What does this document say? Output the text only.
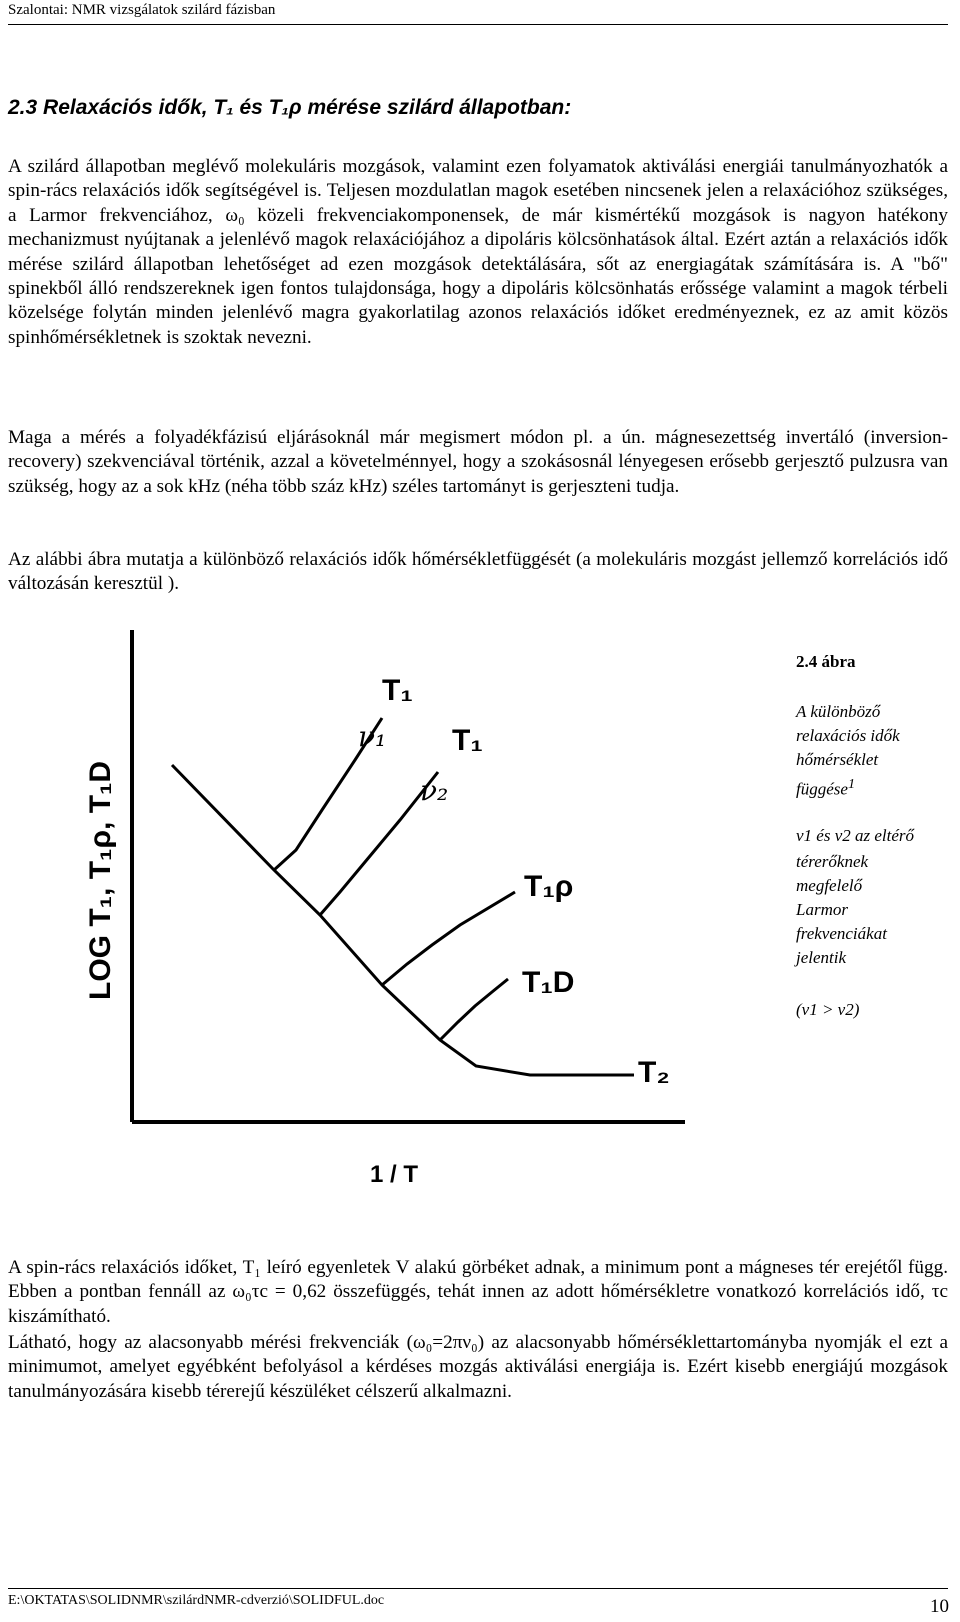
Szalontai: NMR vizsgálatok szilárd fázisban
2.3 Relaxációs idők, T₁ és T₁ρ mérése szilárd állapotban:
A szilárd állapotban meglévő molekuláris mozgások, valamint ezen folyamatok aktiválási energiái tanulmányozhatók a spin-rács relaxációs idők segítségével is. Teljesen mozdulatlan magok esetében nincsenek jelen a relaxációhoz szükséges, a Larmor frekvenciához, ω₀ közeli frekvenciakomponensek, de már kismértékű mozgások is nagyon hatékony mechanizmust nyújtanak a jelenlévő magok relaxációjához a dipoláris kölcsönhatások által. Ezért aztán a relaxációs idők mérése szilárd állapotban lehetőséget ad ezen mozgások detektálására, sőt az energiagátak számítására is. A "bő" spinekből álló rendszereknek igen fontos tulajdonsága, hogy a dipoláris kölcsönhatás erőssége valamint a magok térbeli közelsége folytán minden jelenlévő magra gyakorlatilag azonos relaxációs időket eredményeznek, ez az amit közös spinhőmérsékletnek is szoktak nevezni.
Maga a mérés a folyadékfázisú eljárásoknál már megismert módon pl. a ún. mágnesezettség invertáló (inversion-recovery) szekvenciával történik, azzal a követelménnyel, hogy a szokásosnál lényegesen erősebb gerjesztő pulzusra van szükség, hogy az a sok kHz (néha több száz kHz) széles tartományt is gerjeszteni tudja.
Az alábbi ábra mutatja a különböző relaxációs idők hőmérsékletfüggését (a molekuláris mozgást jellemző korrelációs idő változásán keresztül ).
LOG T₁, T₁ρ, T₁D
1 / T
T₁
T₁
ν₁
ν₂
T₁ρ
T₁D
T₂
2.4 ábra
A különböző
relaxációs idők
hőmérséklet
függése$^1$
ν1 és ν2 az eltérő
térerőknek
megfelelő
Larmor
frekvenciákat
jelentik
(ν1 > ν2)
A spin-rács relaxációs időket, T₁ leíró egyenletek V alakú görbéket adnak, a minimum pont a mágneses tér erejétől függ. Ebben a pontban fennáll az ω₀τc = 0,62 összefüggés, tehát innen az adott hőmérsékletre vonatkozó korrelációs idő, τc kiszámítható.
Látható, hogy az alacsonyabb mérési frekvenciák (ω₀=2πν₀) az alacsonyabb hőmérséklettartományba nyomják el ezt a minimumot, amelyet egyébként befolyásol a kérdéses mozgás aktiválási energiája is. Ezért kisebb energiájú mozgások tanulmányozására kisebb térerejű készüléket célszerű alkalmazni.
E:\OKTATAS\SOLIDNMR\szilárdNMR-cdverzió\SOLIDFUL.doc	10
